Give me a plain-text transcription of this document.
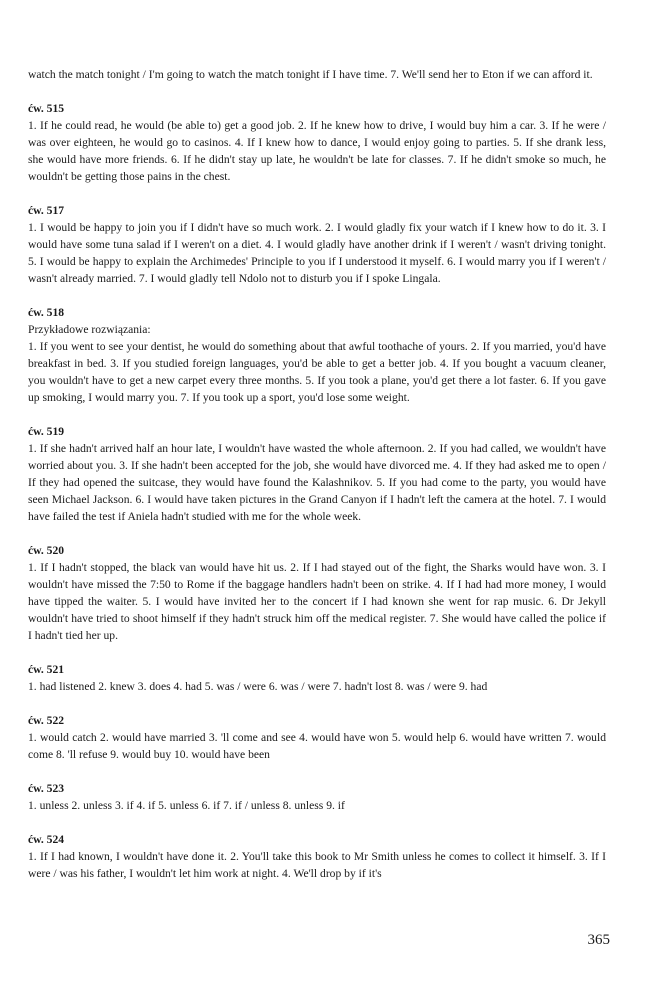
watch the match tonight / I'm going to watch the match tonight if I have time. 7. We'll send her to Eton if we can afford it.

ćw. 515

1. If he could read, he would (be able to) get a good job. 2. If he knew how to drive, I would buy him a car. 3. If he were / was over eighteen, he would go to casinos. 4. If I knew how to dance, I would enjoy going to parties. 5. If she drank less, she would have more friends. 6. If he didn't stay up late, he wouldn't be late for classes. 7. If he didn't smoke so much, he wouldn't be getting those pains in the chest.

ćw. 517

1. I would be happy to join you if I didn't have so much work. 2. I would gladly fix your watch if I knew how to do it. 3. I would have some tuna salad if I weren't on a diet. 4. I would gladly have another drink if I weren't / wasn't driving tonight. 5. I would be happy to explain the Archimedes' Principle to you if I understood it myself. 6. I would marry you if I weren't / wasn't already married. 7. I would gladly tell Ndolo not to disturb you if I spoke Lingala.

ćw. 518

Przykładowe rozwiązania:

1. If you went to see your dentist, he would do something about that awful toothache of yours. 2. If you married, you'd have breakfast in bed. 3. If you studied foreign languages, you'd be able to get a better job. 4. If you bought a vacuum cleaner, you wouldn't have to get a new carpet every three months. 5. If you took a plane, you'd get there a lot faster. 6. If you gave up smoking, I would marry you. 7. If you took up a sport, you'd lose some weight.

ćw. 519

1. If she hadn't arrived half an hour late, I wouldn't have wasted the whole afternoon. 2. If you had called, we wouldn't have worried about you. 3. If she hadn't been accepted for the job, she would have divorced me. 4. If they had asked me to open / If they had opened the suitcase, they would have found the Kalashnikov. 5. If you had come to the party, you would have seen Michael Jackson. 6. I would have taken pictures in the Grand Canyon if I hadn't left the camera at the hotel. 7. I would have failed the test if Aniela hadn't studied with me for the whole week.

ćw. 520

1. If I hadn't stopped, the black van would have hit us. 2. If I had stayed out of the fight, the Sharks would have won. 3. I wouldn't have missed the 7:50 to Rome if the baggage handlers hadn't been on strike. 4. If I had had more money, I would have tipped the waiter. 5. I would have invited her to the concert if I had known she went for rap music. 6. Dr Jekyll wouldn't have tried to shoot himself if they hadn't struck him off the medical register. 7. She would have called the police if I hadn't tied her up.

ćw. 521

1. had listened 2. knew 3. does 4. had 5. was / were 6. was / were 7. hadn't lost 8. was / were 9. had

ćw. 522

1. would catch 2. would have married 3. 'll come and see 4. would have won 5. would help 6. would have written 7. would come 8. 'll refuse 9. would buy 10. would have been

ćw. 523

1. unless 2. unless 3. if 4. if 5. unless 6. if 7. if / unless 8. unless 9. if

ćw. 524

1. If I had known, I wouldn't have done it. 2. You'll take this book to Mr Smith unless he comes to collect it himself. 3. If I were / was his father, I wouldn't let him work at night. 4. We'll drop by if it's

365
